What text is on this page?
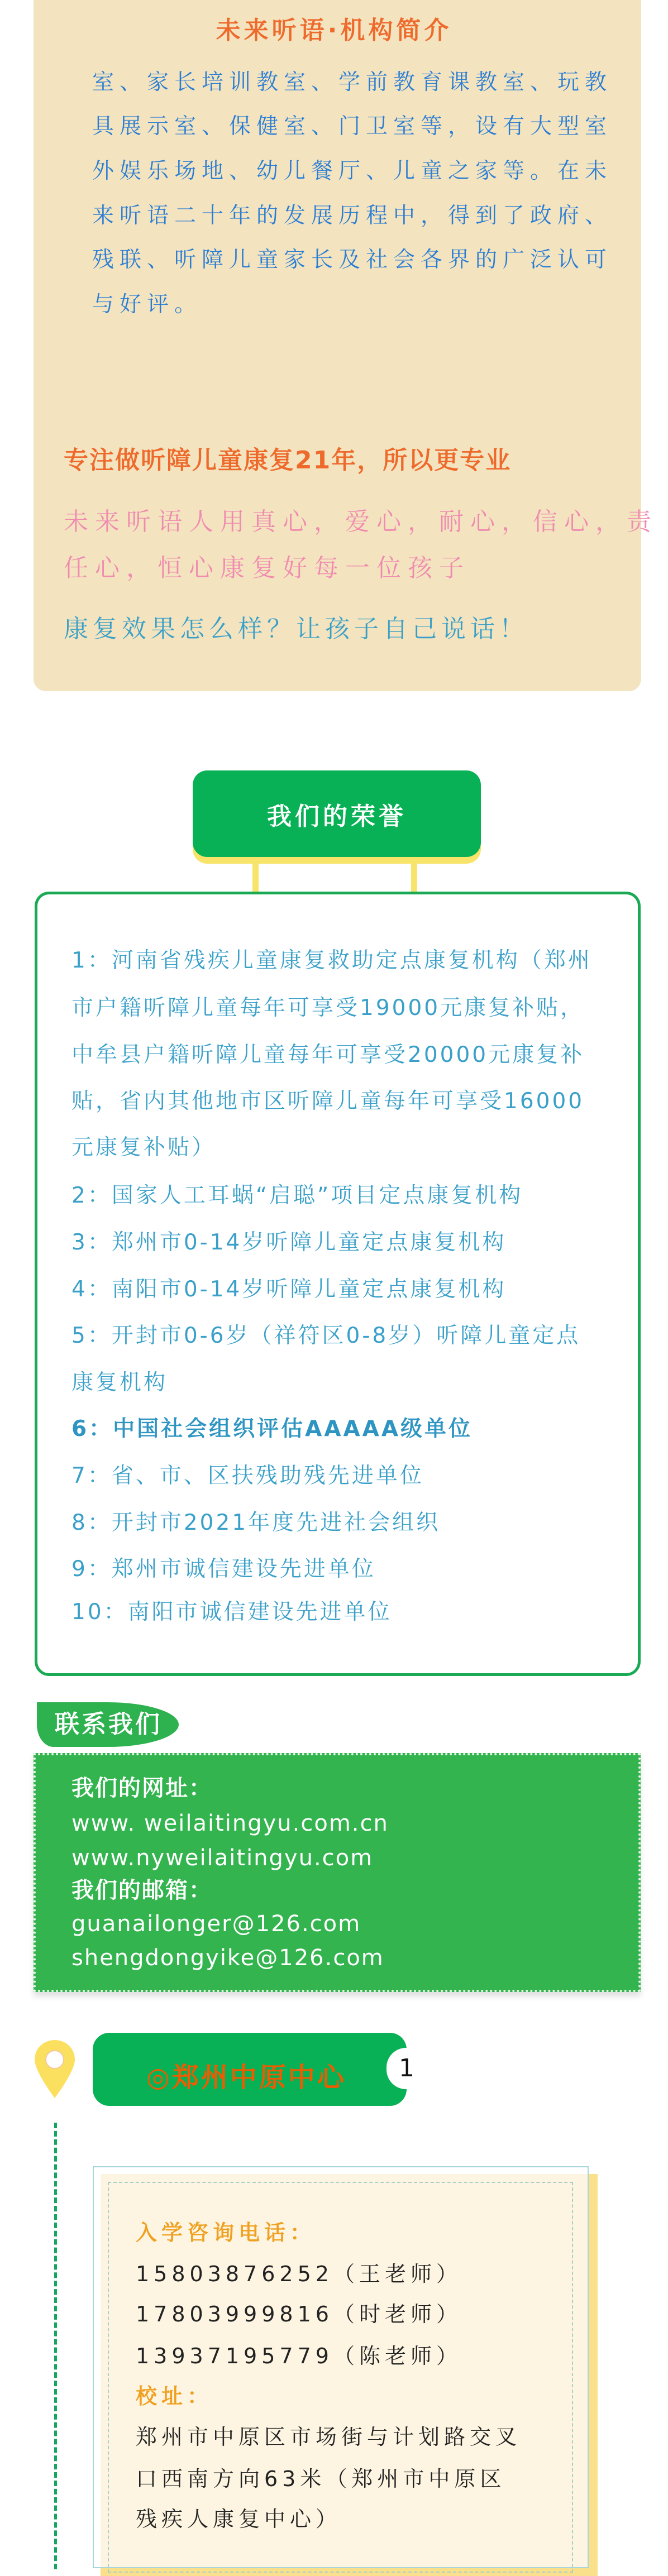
未来听语·机构简介
室、家长培训教室、学前教育课教室、玩教
具展示室、保健室、门卫室等，设有大型室
外娱乐场地、幼儿餐厅、儿童之家等。在未
来听语二十年的发展历程中，得到了政府、
残联、听障儿童家长及社会各界的广泛认可
与好评。
专注做听障儿童康复21年，所以更专业
未来听语人用真心，爱心，耐心，信心，责
任心，恒心康复好每一位孩子
康复效果怎么样？让孩子自己说话！
我们的荣誉
1：河南省残疾儿童康复救助定点康复机构（郑州
市户籍听障儿童每年可享受19000元康复补贴，
中牟县户籍听障儿童每年可享受20000元康复补
贴，省内其他地市区听障儿童每年可享受16000
元康复补贴）
2：国家人工耳蜗“启聪”项目定点康复机构
3：郑州市0-14岁听障儿童定点康复机构
4：南阳市0-14岁听障儿童定点康复机构
5：开封市0-6岁（祥符区0-8岁）听障儿童定点
康复机构
6：中国社会组织评估AAAAA级单位
7：省、市、区扶残助残先进单位
8：开封市2021年度先进社会组织
9：郑州市诚信建设先进单位
10：南阳市诚信建设先进单位
联系我们
我们的网址：
www. weilaitingyu.com.cn
www.nyweilaitingyu.com
我们的邮箱：
guanailonger@126.com
shengdongyike@126.com
◎郑州中原中心	1
入学咨询电话：
15803876252（王老师）
17803999816（时老师）
13937195779（陈老师）
校址：
郑州市中原区市场街与计划路交叉
口西南方向63米（郑州市中原区
残疾人康复中心）
